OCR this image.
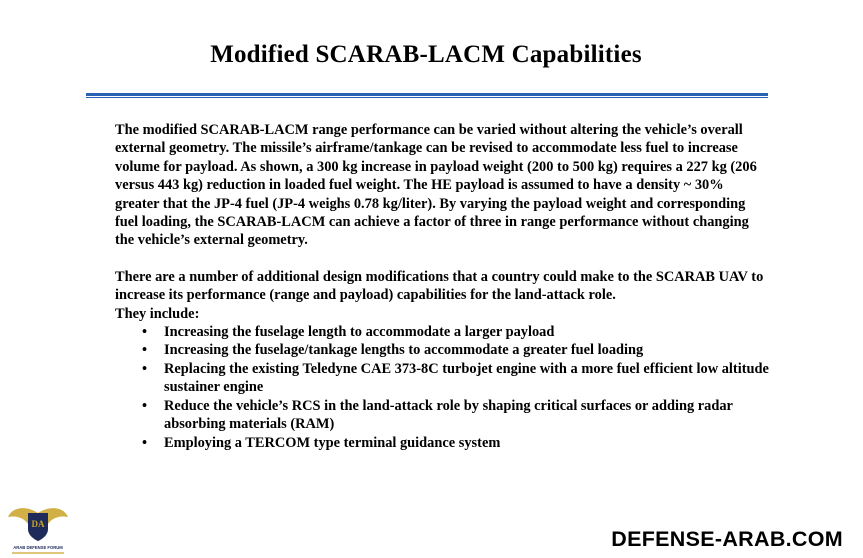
Modified SCARAB-LACM Capabilities

The modified SCARAB-LACM range performance can be varied without altering the vehicle’s overall external geometry. The missile’s airframe/tankage can be revised to accommodate less fuel to increase volume for payload. As shown, a 300 kg increase in payload weight (200 to 500 kg) requires a 227 kg (206 versus 443 kg) reduction in loaded fuel weight. The HE payload is assumed to have a density ~ 30% greater that the JP-4 fuel (JP-4 weighs 0.78 kg/liter). By varying the payload weight and corresponding fuel loading, the SCARAB-LACM can achieve a factor of three in range performance without changing the vehicle’s external geometry.

There are a number of additional design modifications that a country could make to the SCARAB UAV to increase its performance (range and payload) capabilities for the land-attack role.

They include:

• Increasing the fuselage length to accommodate a larger payload
• Increasing the fuselage/tankage lengths to accommodate a greater fuel loading
• Replacing the existing Teledyne CAE 373-8C turbojet engine with a more fuel efficient low altitude sustainer engine
• Reduce the vehicle’s RCS in the land-attack role by shaping critical surfaces or adding radar absorbing materials (RAM)
• Employing a TERCOM type terminal guidance system
DA
ARAB DEFENSE FORUM	DEFENSE-ARAB.COM
